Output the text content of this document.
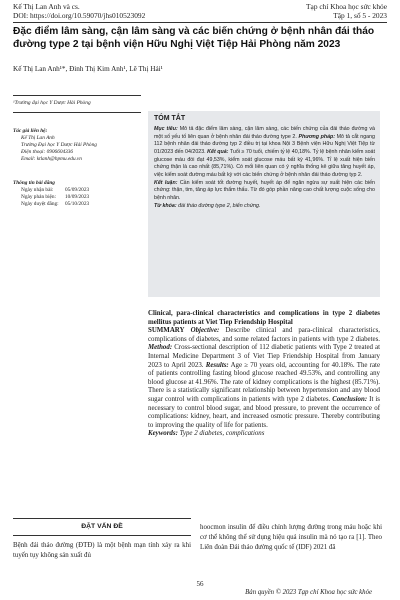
Kế Thị Lan Anh và cs.
DOI: https://doi.org/10.59070/jhs010523092
Tạp chí Khoa học sức khỏe
Tập 1, số 5 - 2023
Đặc điểm lâm sàng, cận lâm sàng và các biến chứng ở bệnh nhân đái tháo đường type 2 tại bệnh viện Hữu Nghị Việt Tiệp Hải Phòng năm 2023
Kế Thị Lan Anh¹*, Đinh Thị Kim Anh¹, Lê Thị Hải¹
¹Trường đại học Y Dược Hải Phòng
Tác giả liên hệ:
Kế Thị Lan Anh
Trường Đại học Y Dược Hải Phòng
Điện thoại: 0906604336
Email: ktlanh@hpmu.edu.vn
Thông tin bài đăng
Ngày nhận bài: 05/09/2023
Ngày phản biện: 10/09/2023
Ngày duyệt đăng: 05/10/2023
TÓM TẮT
Mục tiêu: Mô tả đặc điểm lâm sàng, cận lâm sàng, các biến chứng của đái tháo đường và một số yếu tố liên quan ở bệnh nhân đái tháo đường type 2. Phương pháp: Mô tả cắt ngang 112 bệnh nhân đái tháo đường typ 2 điều trị tại khoa Nội 3 Bệnh viện Hữu Nghị Việt Tiệp từ 01/2023 đến 04/2023. Kết quả: Tuổi ≥ 70 tuổi, chiếm tỷ lệ 40,18%. Tỷ lệ bệnh nhân kiểm soát glucose máu đói đạt 49,53%, kiểm soát glucose máu bất kỳ 41,96%. Tỉ lệ xuất hiện biến chứng thận là cao nhất (85,71%). Có mối liên quan có ý nghĩa thống kê giữa tăng huyết áp, việc kiểm soát đường máu bất kỳ với các biến chứng ở bệnh nhân đái tháo đường typ 2.
Kết luận: Cần kiểm soát tốt đường huyết, huyết áp để ngăn ngừa sự xuất hiện các biến chứng: thận, tim, tăng áp lực thẩm thấu. Từ đó góp phần nâng cao chất lượng cuộc sống cho bệnh nhân.
Từ khóa: đái tháo đường type 2, biến chứng.
Clinical, para-clinical characteristics and complications in type 2 diabetes mellitus patients at Viet Tiep Friendship Hospital
SUMMARY Objective: Describe clinical and para-clinical characteristics, complications of diabetes, and some related factors in patients with type 2 diabetes. Method: Cross-sectional description of 112 diabetic patients with Type 2 treated at Internal Medicine Department 3 of Viet Tiep Friendship Hospital from January 2023 to April 2023. Results: Age ≥ 70 years old, accounting for 40.18%. The rate of patients controlling fasting blood glucose reached 49.53%, and controlling any blood glucose at 41.96%. The rate of kidney complications is the highest (85.71%). There is a statistically significant relationship between hypertension and any blood sugar control with complications in patients with type 2 diabetes. Conclusion: It is necessary to control blood sugar, and blood pressure, to prevent the occurrence of complications: kidney, heart, and increased osmotic pressure. Thereby contributing to improving the quality of life for patients.
Keywords: Type 2 diabetes, complications
ĐẶT VẤN ĐỀ
Bệnh đái tháo đường (ĐTĐ) là một bệnh mạn tính xảy ra khi tuyến tụy không sản xuất đủ
hoocmon insulin để điều chỉnh lượng đường trong máu hoặc khi cơ thể không thể sử dụng hiệu quả insulin mà nó tạo ra [1]. Theo Liên đoàn Đái tháo đường quốc tế (IDF) 2021 đã
56
Bản quyền © 2023 Tạp chí Khoa học sức khỏe
